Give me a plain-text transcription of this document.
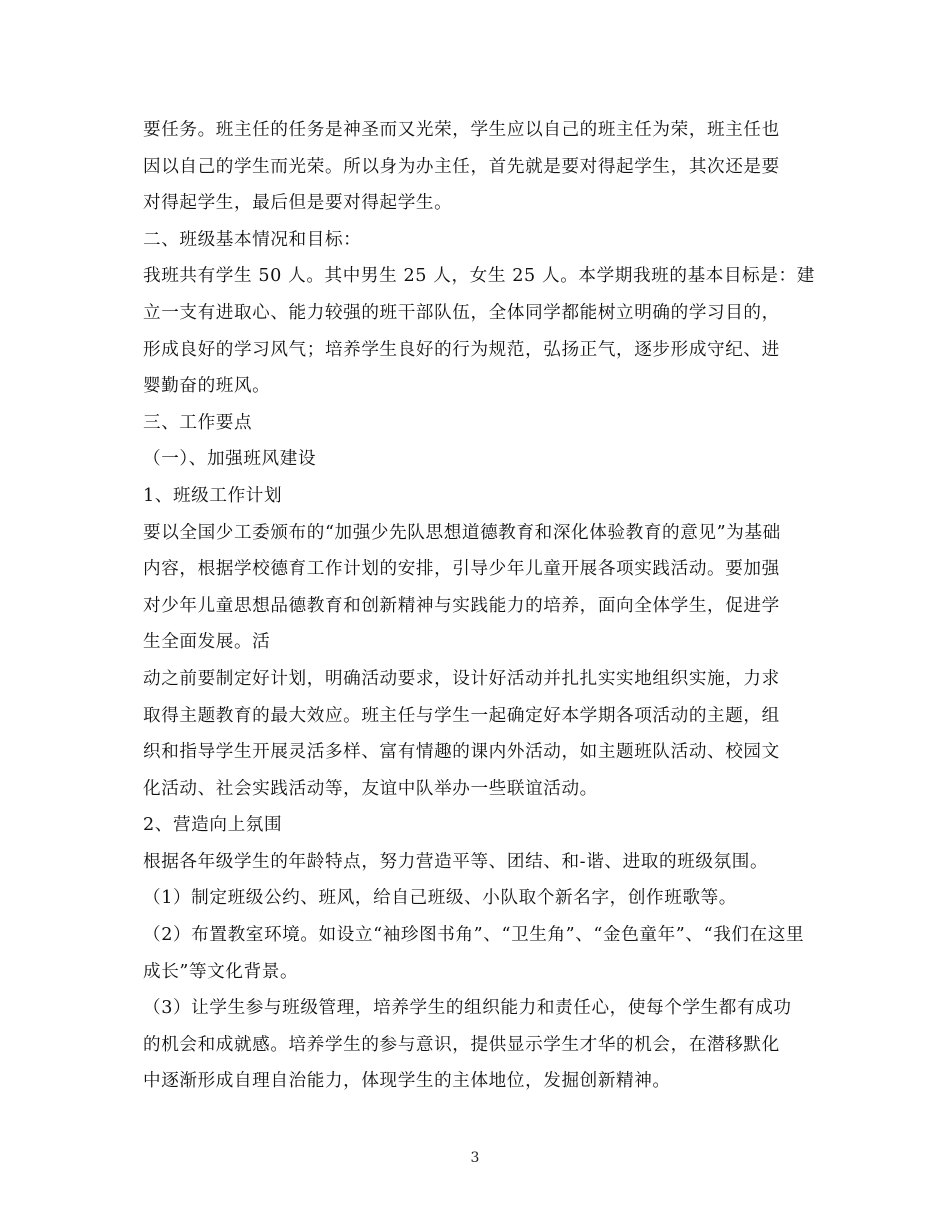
要任务。班主任的任务是神圣而又光荣，学生应以自己的班主任为荣，班主任也
因以自己的学生而光荣。所以身为办主任，首先就是要对得起学生，其次还是要
对得起学生，最后但是要对得起学生。
二、班级基本情况和目标：
我班共有学生 50 人。其中男生 25 人，女生 25 人。本学期我班的基本目标是：建
立一支有进取心、能力较强的班干部队伍，全体同学都能树立明确的学习目的，
形成良好的学习风气；培养学生良好的行为规范，弘扬正气，逐步形成守纪、进
婴勤奋的班风。
三、工作要点
（一）、加强班风建设
1、班级工作计划
要以全国少工委颁布的“加强少先队思想道德教育和深化体验教育的意见”为基础
内容，根据学校德育工作计划的安排，引导少年儿童开展各项实践活动。要加强
对少年儿童思想品德教育和创新精神与实践能力的培养，面向全体学生，促进学
生全面发展。活
动之前要制定好计划，明确活动要求，设计好活动并扎扎实实地组织实施，力求
取得主题教育的最大效应。班主任与学生一起确定好本学期各项活动的主题，组
织和指导学生开展灵活多样、富有情趣的课内外活动，如主题班队活动、校园文
化活动、社会实践活动等，友谊中队举办一些联谊活动。
2、营造向上氛围
根据各年级学生的年龄特点，努力营造平等、团结、和-谐、进取的班级氛围。
（1）制定班级公约、班风，给自己班级、小队取个新名字，创作班歌等。
（2）布置教室环境。如设立“袖珍图书角”、“卫生角”、“金色童年”、“我们在这里
成长”等文化背景。
（3）让学生参与班级管理，培养学生的组织能力和责任心，使每个学生都有成功
的机会和成就感。培养学生的参与意识，提供显示学生才华的机会，在潜移默化
中逐渐形成自理自治能力，体现学生的主体地位，发掘创新精神。
3
